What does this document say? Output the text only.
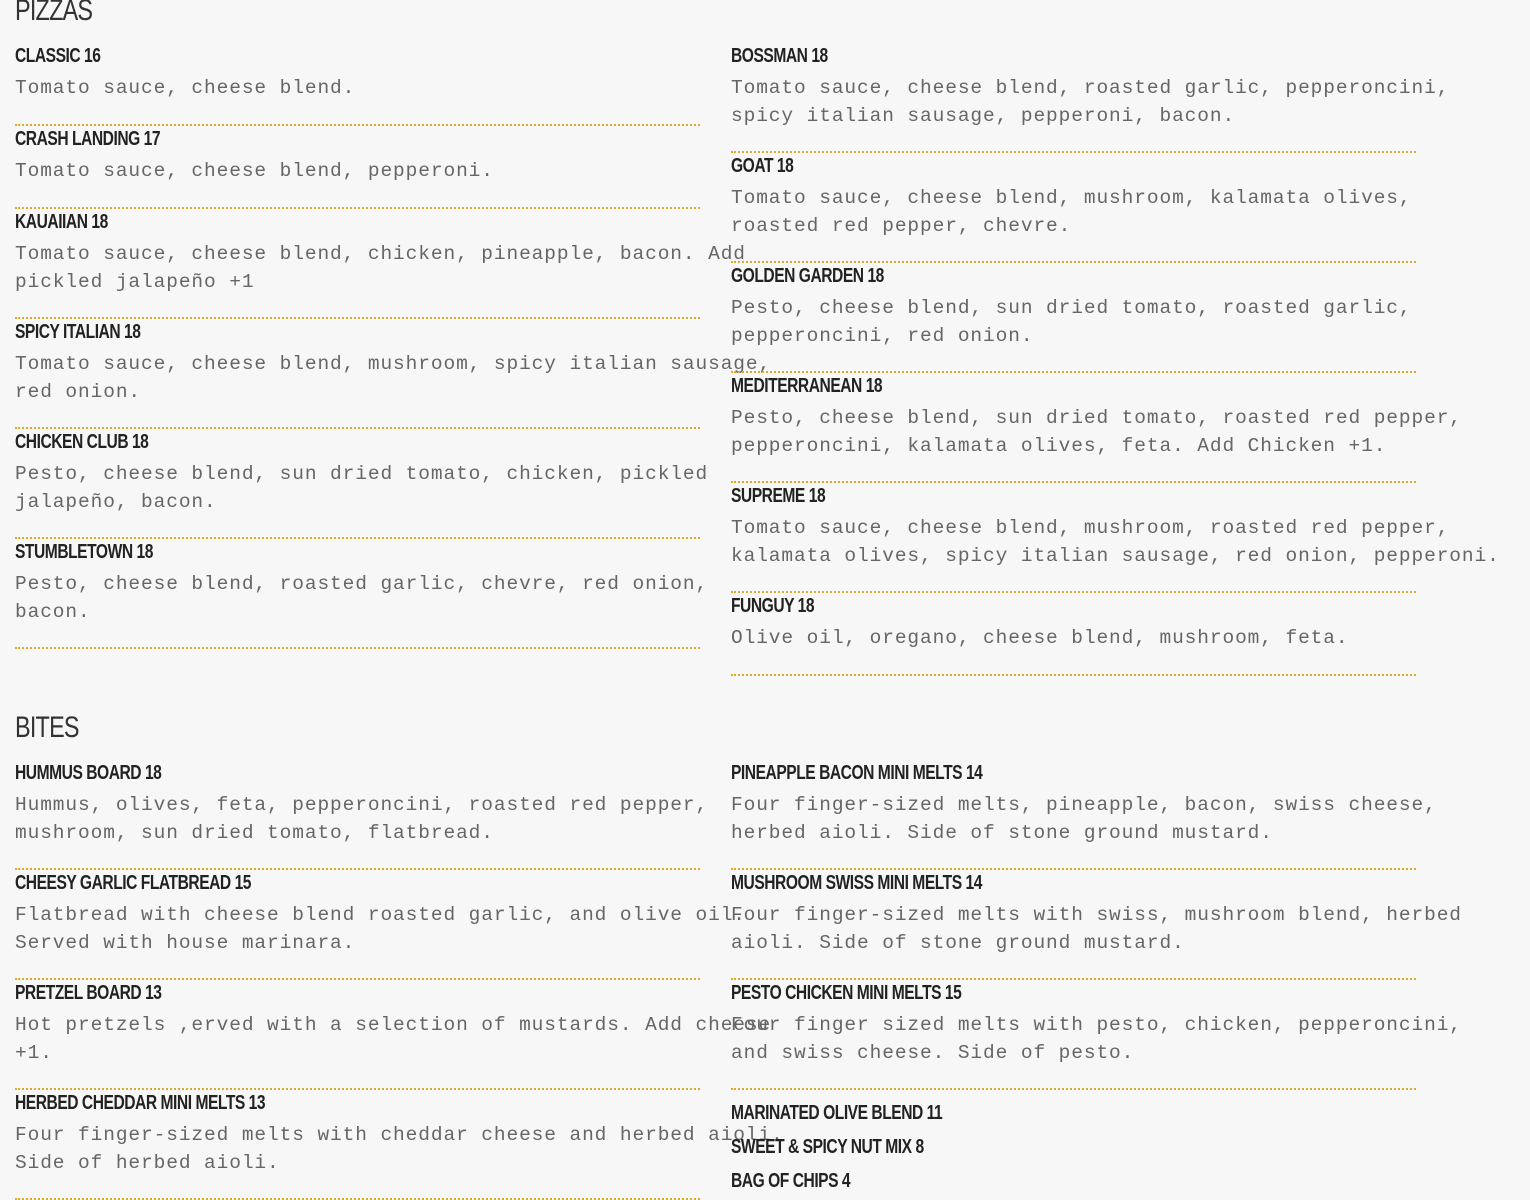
PIZZAS
CLASSIC 16

Tomato sauce, cheese blend.

CRASH LANDING 17

Tomato sauce, cheese blend, pepperoni.

KAUAIIAN 18

Tomato sauce, cheese blend, chicken, pineapple, bacon. Add
pickled jalapeño +1

SPICY ITALIAN 18

Tomato sauce, cheese blend, mushroom, spicy italian sausage,
red onion.

CHICKEN CLUB 18

Pesto, cheese blend, sun dried tomato, chicken, pickled
jalapeño, bacon.

STUMBLETOWN 18

Pesto, cheese blend, roasted garlic, chevre, red onion,
bacon.

BOSSMAN 18

Tomato sauce, cheese blend, roasted garlic, pepperoncini,
spicy italian sausage, pepperoni, bacon.

GOAT 18

Tomato sauce, cheese blend, mushroom, kalamata olives,
roasted red pepper, chevre.

GOLDEN GARDEN 18

Pesto, cheese blend, sun dried tomato, roasted garlic,
pepperoncini, red onion.

MEDITERRANEAN 18

Pesto, cheese blend, sun dried tomato, roasted red pepper,
pepperoncini, kalamata olives, feta. Add Chicken +1.

SUPREME 18

Tomato sauce, cheese blend, mushroom, roasted red pepper,
kalamata olives, spicy italian sausage, red onion, pepperoni.

FUNGUY 18

Olive oil, oregano, cheese blend, mushroom, feta.

BITES
HUMMUS BOARD 18

Hummus, olives, feta, pepperoncini, roasted red pepper,
mushroom, sun dried tomato, flatbread.

CHEESY GARLIC FLATBREAD 15

Flatbread with cheese blend roasted garlic, and olive oil.
Served with house marinara.

PRETZEL BOARD 13

Hot pretzels ,erved with a selection of mustards. Add cheese
+1.

HERBED CHEDDAR MINI MELTS 13

Four finger-sized melts with cheddar cheese and herbed aioli.
Side of herbed aioli.

PINEAPPLE BACON MINI MELTS 14

Four finger-sized melts, pineapple, bacon, swiss cheese,
herbed aioli. Side of stone ground mustard.

MUSHROOM SWISS MINI MELTS 14

Four finger-sized melts with swiss, mushroom blend, herbed
aioli. Side of stone ground mustard.

PESTO CHICKEN MINI MELTS 15

Four finger sized melts with pesto, chicken, pepperoncini,
and swiss cheese. Side of pesto.

MARINATED OLIVE BLEND 11
SWEET & SPICY NUT MIX 8
BAG OF CHIPS 4
